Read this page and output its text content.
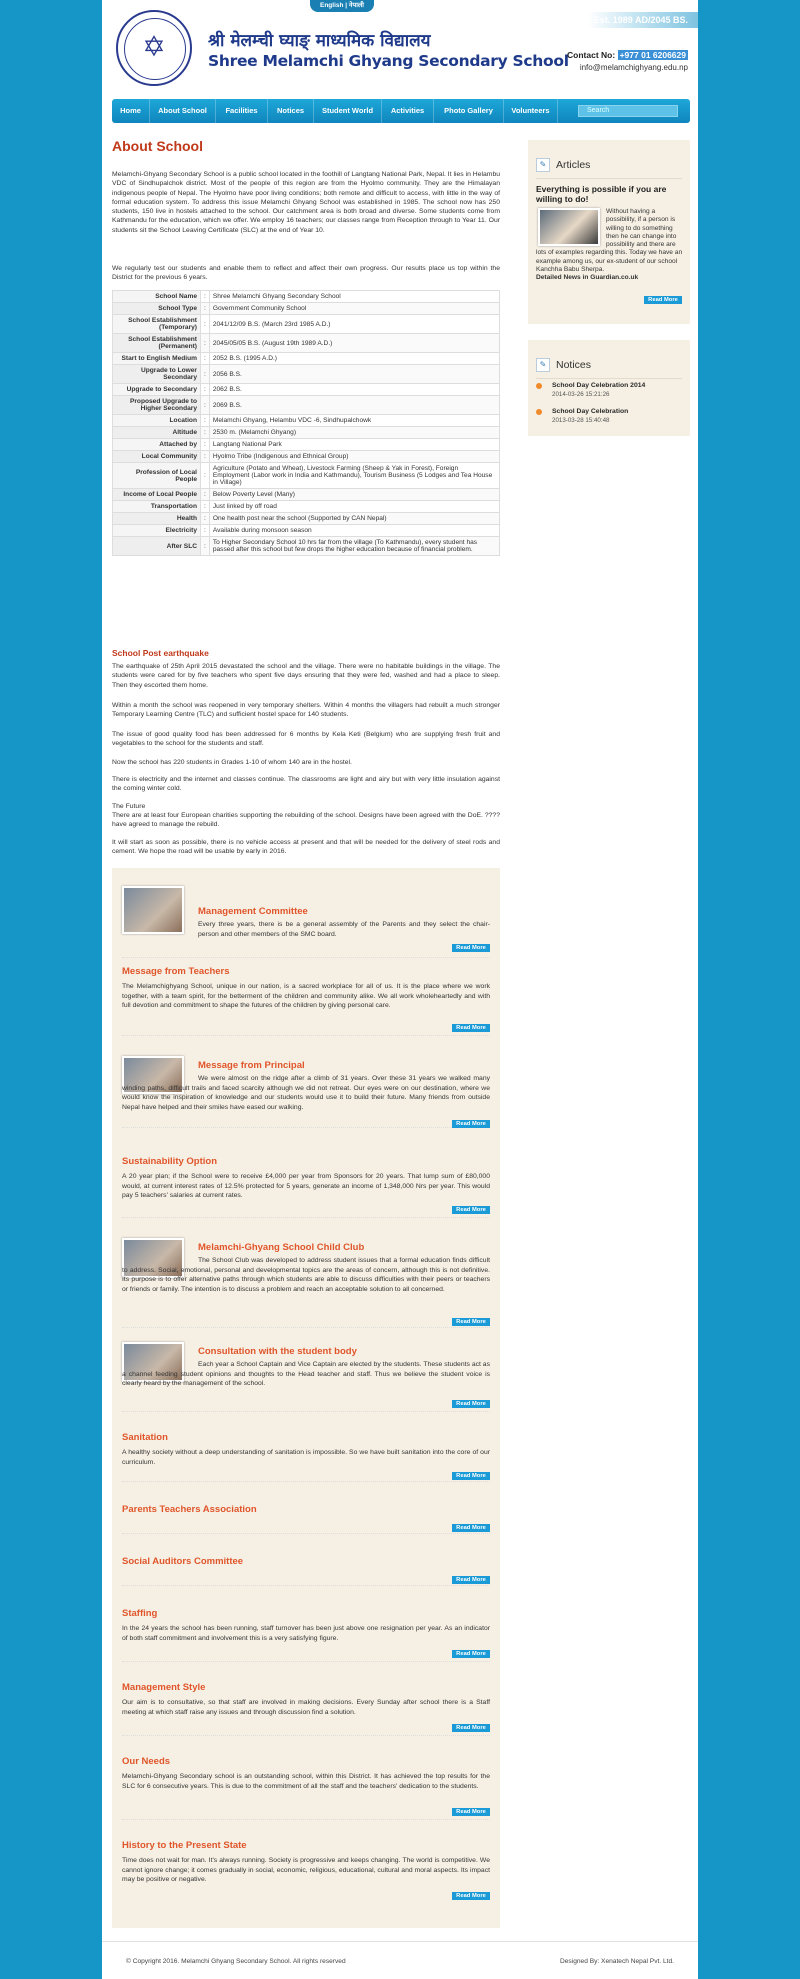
English | नेपाली
Est. 1989 AD/2045 BS.
✡
श्री मेलम्ची घ्याङ् माध्यमिक विद्यालय
Shree Melamchi Ghyang Secondary School
Contact No: +977 01 6206629
info@melamchighyang.edu.np
Home	About School	Facilities	Notices	Student World	Activities	Photo Gallery	Volunteers	Search
About School
Melamchi-Ghyang Secondary School is a public school located in the foothill of Langtang National Park, Nepal. It lies in Helambu VDC of Sindhupalchok district. Most of the people of this region are from the Hyolmo community. They are the Himalayan indigenous people of Nepal. The Hyolmo have poor living conditions; both remote and difficult to access, with little in the way of formal education system. To address this issue Melamchi Ghyang School was established in 1985. The school now has 250 students, 150 live in hostels attached to the school. Our catchment area is both broad and diverse. Some students come from Kathmandu for the education, which we offer. We employ 16 teachers; our classes range from Reception through to Year 11. Our students sit the School Leaving Certificate (SLC) at the end of Year 10.
We regularly test our students and enable them to reflect and affect their own progress. Our results place us top within the District for the previous 6 years.
School Name	:	Shree Melamchi Ghyang Secondary School
School Type	:	Government Community School
School Establishment (Temporary)	:	2041/12/09 B.S. (March 23rd 1985 A.D.)
School Establishment (Permanent)	:	2045/05/05 B.S. (August 19th 1989 A.D.)
Start to English Medium	:	2052 B.S. (1995 A.D.)
Upgrade to Lower Secondary	:	2056 B.S.
Upgrade to Secondary	:	2062 B.S.
Proposed Upgrade to Higher Secondary	:	2069 B.S.
Location	:	Melamchi Ghyang, Helambu VDC -6, Sindhupalchowk
Altitude	:	2530 m. (Melamchi Ghyang)
Attached by	:	Langtang National Park
Local Community	:	Hyolmo Tribe (Indigenous and Ethnical Group)
Profession of Local People	:	Agriculture (Potato and Wheat), Livestock Farming (Sheep & Yak in Forest), Foreign Employment (Labor work in India and Kathmandu), Tourism Business (5 Lodges and Tea House in Village)
Income of Local People	:	Below Poverty Level (Many)
Transportation	:	Just linked by off road
Health	:	One health post near the school (Supported by CAN Nepal)
Electricity	:	Available during monsoon season
After SLC	:	To Higher Secondary School 10 hrs far from the village (To Kathmandu), every student has passed after this school but few drops the higher education because of financial problem.
School Post earthquake
The earthquake of 25th April 2015 devastated the school and the village. There were no habitable buildings in the village. The students were cared for by five teachers who spent five days ensuring that they were fed, washed and had a place to sleep. Then they escorted them home.
Within a month the school was reopened in very temporary shelters. Within 4 months the villagers had rebuilt a much stronger Temporary Learning Centre (TLC) and sufficient hostel space for 140 students.
The issue of good quality food has been addressed for 6 months by Kela Keti (Belgium) who are supplying fresh fruit and vegetables to the school for the students and staff.
Now the school has 220 students in Grades 1-10 of whom 140 are in the hostel.
There is electricity and the internet and classes continue. The classrooms are light and airy but with very little insulation against the coming winter cold.
The Future
There are at least four European charities supporting the rebuilding of the school. Designs have been agreed with the DoE. ???? have agreed to manage the rebuild.
It will start as soon as possible, there is no vehicle access at present and that will be needed for the delivery of steel rods and cement. We hope the road will be usable by early in 2016.
Management Committee
Every three years, there is be a general assembly of the Parents and they select the chair-person and other members of the SMC board.
Read More
Message from Teachers
The Melamchighyang School, unique in our nation, is a sacred workplace for all of us. It is the place where we work together, with a team spirit, for the betterment of the children and community alike. We all work wholeheartedly and with full devotion and commitment to shape the futures of the children by giving personal care.
Read More
Message from Principal
We were almost on the ridge after a climb of 31 years. Over these 31 years we walked many winding paths, difficult trails and faced scarcity although we did not retreat. Our eyes were on our destination, where we would know the inspiration of knowledge and our students would use it to build their future. Many friends from outside Nepal have helped and their smiles have eased our walking.
Read More
Sustainability Option
A 20 year plan; if the School were to receive £4,000 per year from Sponsors for 20 years. That lump sum of £80,000 would, at current interest rates of 12.5% protected for 5 years, generate an income of 1,348,000 Nrs per year. This would pay 5 teachers' salaries at current rates.
Read More
Melamchi-Ghyang School Child Club
The School Club was developed to address student issues that a formal education finds difficult to address. Social, emotional, personal and developmental topics are the areas of concern, although this is not definitive. Its purpose is to offer alternative paths through which students are able to discuss difficulties with their peers or teachers or friends or family. The intention is to discuss a problem and reach an acceptable solution to all concerned.
Read More
Consultation with the student body
Each year a School Captain and Vice Captain are elected by the students. These students act as a channel feeding student opinions and thoughts to the Head teacher and staff. Thus we believe the student voice is clearly heard by the management of the school.
Read More
Sanitation
A healthy society without a deep understanding of sanitation is impossible. So we have built sanitation into the core of our curriculum.
Read More
Parents Teachers Association
Read More
Social Auditors Committee
Read More
Staffing
In the 24 years the school has been running, staff turnover has been just above one resignation per year. As an indicator of both staff commitment and involvement this is a very satisfying figure.
Read More
Management Style
Our aim is to consultative, so that staff are involved in making decisions. Every Sunday after school there is a Staff meeting at which staff raise any issues and through discussion find a solution.
Read More
Our Needs
Melamchi-Ghyang Secondary school is an outstanding school, within this District. It has achieved the top results for the SLC for 6 consecutive years. This is due to the commitment of all the staff and the teachers' dedication to the students.
Read More
History to the Present State
Time does not wait for man. It's always running. Society is progressive and keeps changing. The world is competitive. We cannot ignore change; it comes gradually in social, economic, religious, educational, cultural and moral aspects. Its impact may be positive or negative.
Read More
✎ Articles
Everything is possible if you are willing to do!
Without having a possibility, if a person is willing to do something then he can change into possibility and there are lots of examples regarding this. Today we have an example among us, our ex-student of our school Kanchha Babu Sherpa.
Detailed News in Guardian.co.uk
Read More
✎ Notices
School Day Celebration 2014
2014-03-26 15:21:26
School Day Celebration
2013-03-28 15:40:48
© Copyright 2016. Melamchi Ghyang Secondary School. All rights reserved	Designed By: Xenatech Nepal Pvt. Ltd.
